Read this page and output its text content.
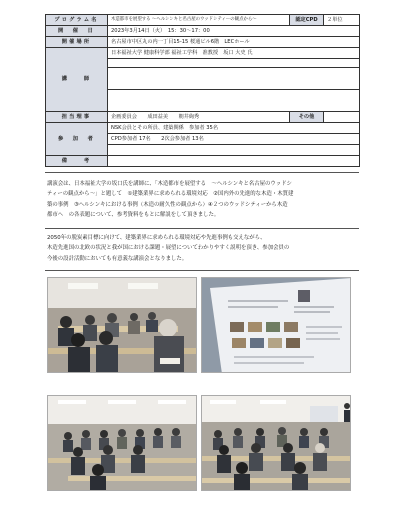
プログラム名	木造都市を展望する ～ヘルシンキと名古屋のウッドシティーの観点から～	認定CPD	２単位
開　催　日	2023年3月14日（火）　15：30～17：00		
開催場所	名古屋市中区丸の内一丁目15-15 桜通ビル6階　LECホール		
講　　師	日本福祉大学 健康科学部 福祉工学科　准教授　坂口 大史 氏		

担当理事	企画委員会　　成田益美　　朝井絢秀	その他	
参　加　者	NSK会員とその所員、建築関係　参加者 35名		
	CPD参加者 17名　　2次会参加者 13名		

備　　考			

講演会は、日本福祉大学の坂口氏を講師に、「木造都市を展望する　～ヘルシンキと名古屋のウッドシ

ティーの観点から～」と題して　①建築業界に求められる環境対応　②国内外の先進的な木造・木質建

築の事例　③ヘルシンキにおける事例（木造の耐久性の観点から）④２つのウッドシティーから木造

都市へ　の各表題について、参考資料をもとに解説をして頂きました。

2050年の脱炭素目標に向けて、建築業界に求められる環境対応や先進事例も交えながら、

木造先進国の北欧の状況と我が国における課題・展望についてわかりやすく説明を頂き、参加会員の

今後の設計活動においても有意義な講演会となりました。
